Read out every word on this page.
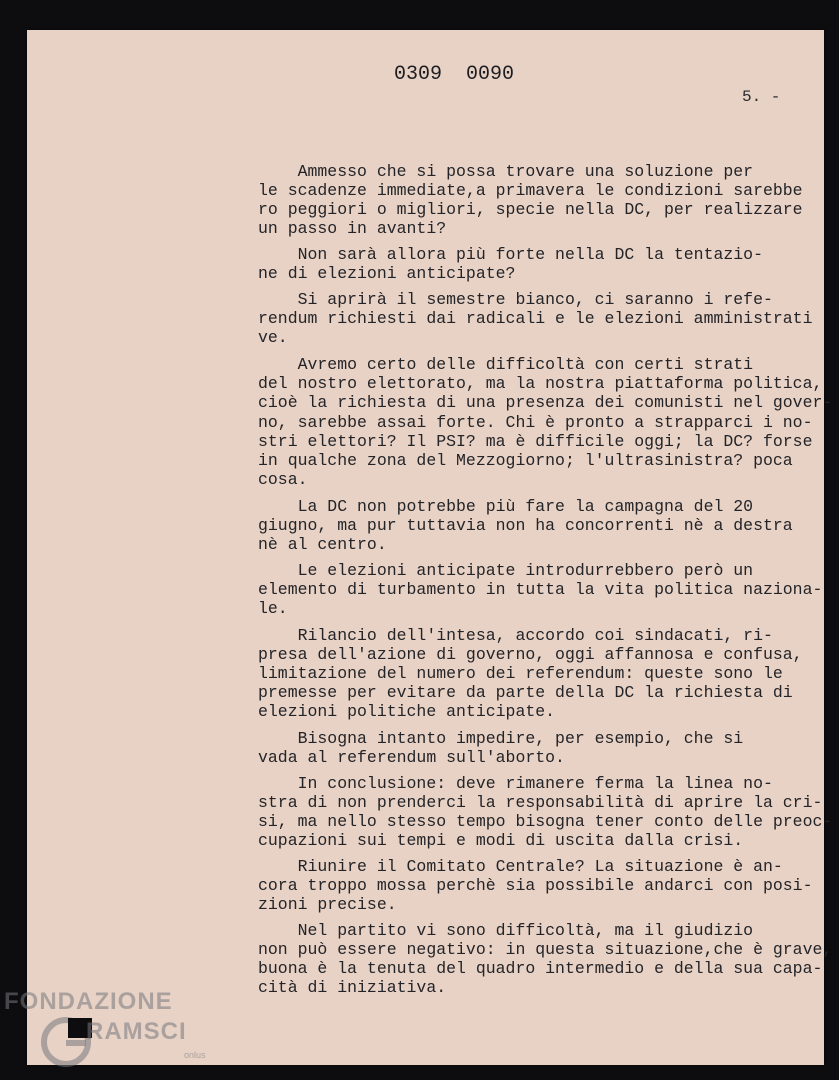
0309  0090
5. -
Ammesso che si possa trovare una soluzione per
le scadenze immediate,a primavera le condizioni sarebbe
ro peggiori o migliori, specie nella DC, per realizzare
un passo in avanti?
Non sarà allora più forte nella DC la tentazio-
ne di elezioni anticipate?
Si aprirà il semestre bianco, ci saranno i refe-
rendum richiesti dai radicali e le elezioni amministrati
ve.
Avremo certo delle difficoltà con certi strati
del nostro elettorato, ma la nostra piattaforma politica,
cioè la richiesta di una presenza dei comunisti nel gover-
no, sarebbe assai forte. Chi è pronto a strapparci i no-
stri elettori? Il PSI? ma è difficile oggi; la DC? forse
in qualche zona del Mezzogiorno; l'ultrasinistra? poca
cosa.
La DC non potrebbe più fare la campagna del 20
giugno, ma pur tuttavia non ha concorrenti nè a destra
nè al centro.
Le elezioni anticipate introdurrebbero però un
elemento di turbamento in tutta la vita politica naziona-
le.
Rilancio dell'intesa, accordo coi sindacati, ri-
presa dell'azione di governo, oggi affannosa e confusa,
limitazione del numero dei referendum: queste sono le
premesse per evitare da parte della DC la richiesta di
elezioni politiche anticipate.
Bisogna intanto impedire, per esempio, che si
vada al referendum sull'aborto.
In conclusione: deve rimanere ferma la linea no-
stra di non prenderci la responsabilità di aprire la cri-
si, ma nello stesso tempo bisogna tener conto delle preoc-
cupazioni sui tempi e modi di uscita dalla crisi.
Riunire il Comitato Centrale? La situazione è an-
cora troppo mossa perchè sia possibile andarci con posi-
zioni precise.
Nel partito vi sono difficoltà, ma il giudizio
non può essere negativo: in questa situazione,che è grave,
buona è la tenuta del quadro intermedio e della sua capa-
cità di iniziativa.
FONDAZIONE
RAMSCI
onlus
